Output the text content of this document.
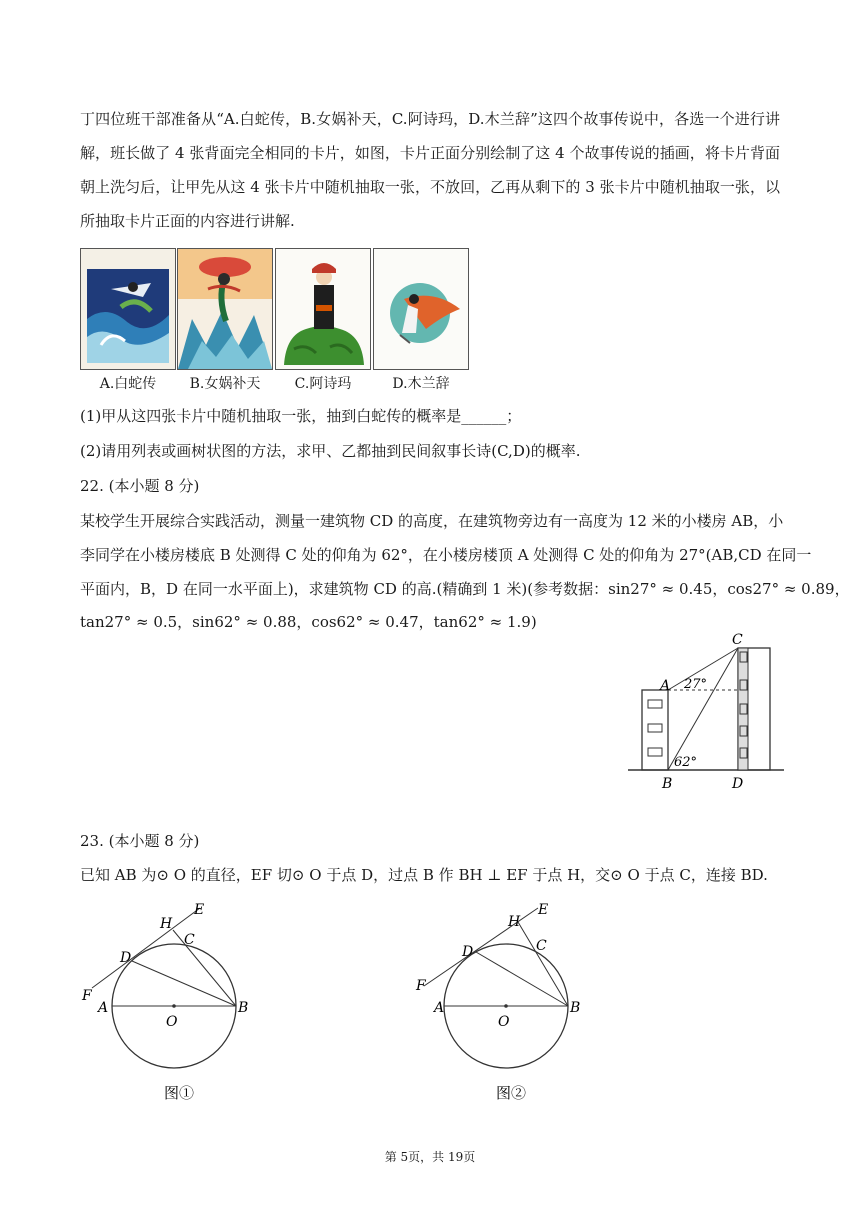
丁四位班干部准备从“A.白蛇传，B.女娲补天，C.阿诗玛，D.木兰辞”这四个故事传说中，各选一个进行讲解，班长做了 4 张背面完全相同的卡片，如图，卡片正面分别绘制了这 4 个故事传说的插画，将卡片背面朝上洗匀后，让甲先从这 4 张卡片中随机抽取一张，不放回，乙再从剩下的 3 张卡片中随机抽取一张，以所抽取卡片正面的内容进行讲解.
A.白蛇传	B.女娲补天	C.阿诗玛	D.木兰辞
(1)甲从这四张卡片中随机抽取一张，抽到白蛇传的概率是______；
(2)请用列表或画树状图的方法，求甲、乙都抽到民间叙事长诗(C,D)的概率.
22. (本小题 8 分)
某校学生开展综合实践活动，测量一建筑物 CD 的高度，在建筑物旁边有一高度为 12 米的小楼房 AB，小
李同学在小楼房楼底 B 处测得 C 处的仰角为 62°，在小楼房楼顶 A 处测得 C 处的仰角为 27°(AB,CD 在同一
平面内，B，D 在同一水平面上)，求建筑物 CD 的高.(精确到 1 米)(参考数据：sin27° ≈ 0.45，cos27° ≈ 0.89，
tan27° ≈ 0.5，sin62° ≈ 0.88，cos62° ≈ 0.47，tan62° ≈ 1.9)
A
B
C
D
27°
62°
23. (本小题 8 分)
已知 AB 为⊙ O 的直径，EF 切⊙ O 于点 D，过点 B 作 BH ⊥ EF 于点 H，交⊙ O 于点 C，连接 BD.
A	B
C
D
E
F
H
O
图①
A	B
C
D
E
F
H
O
图②
第 5页，共 19页
